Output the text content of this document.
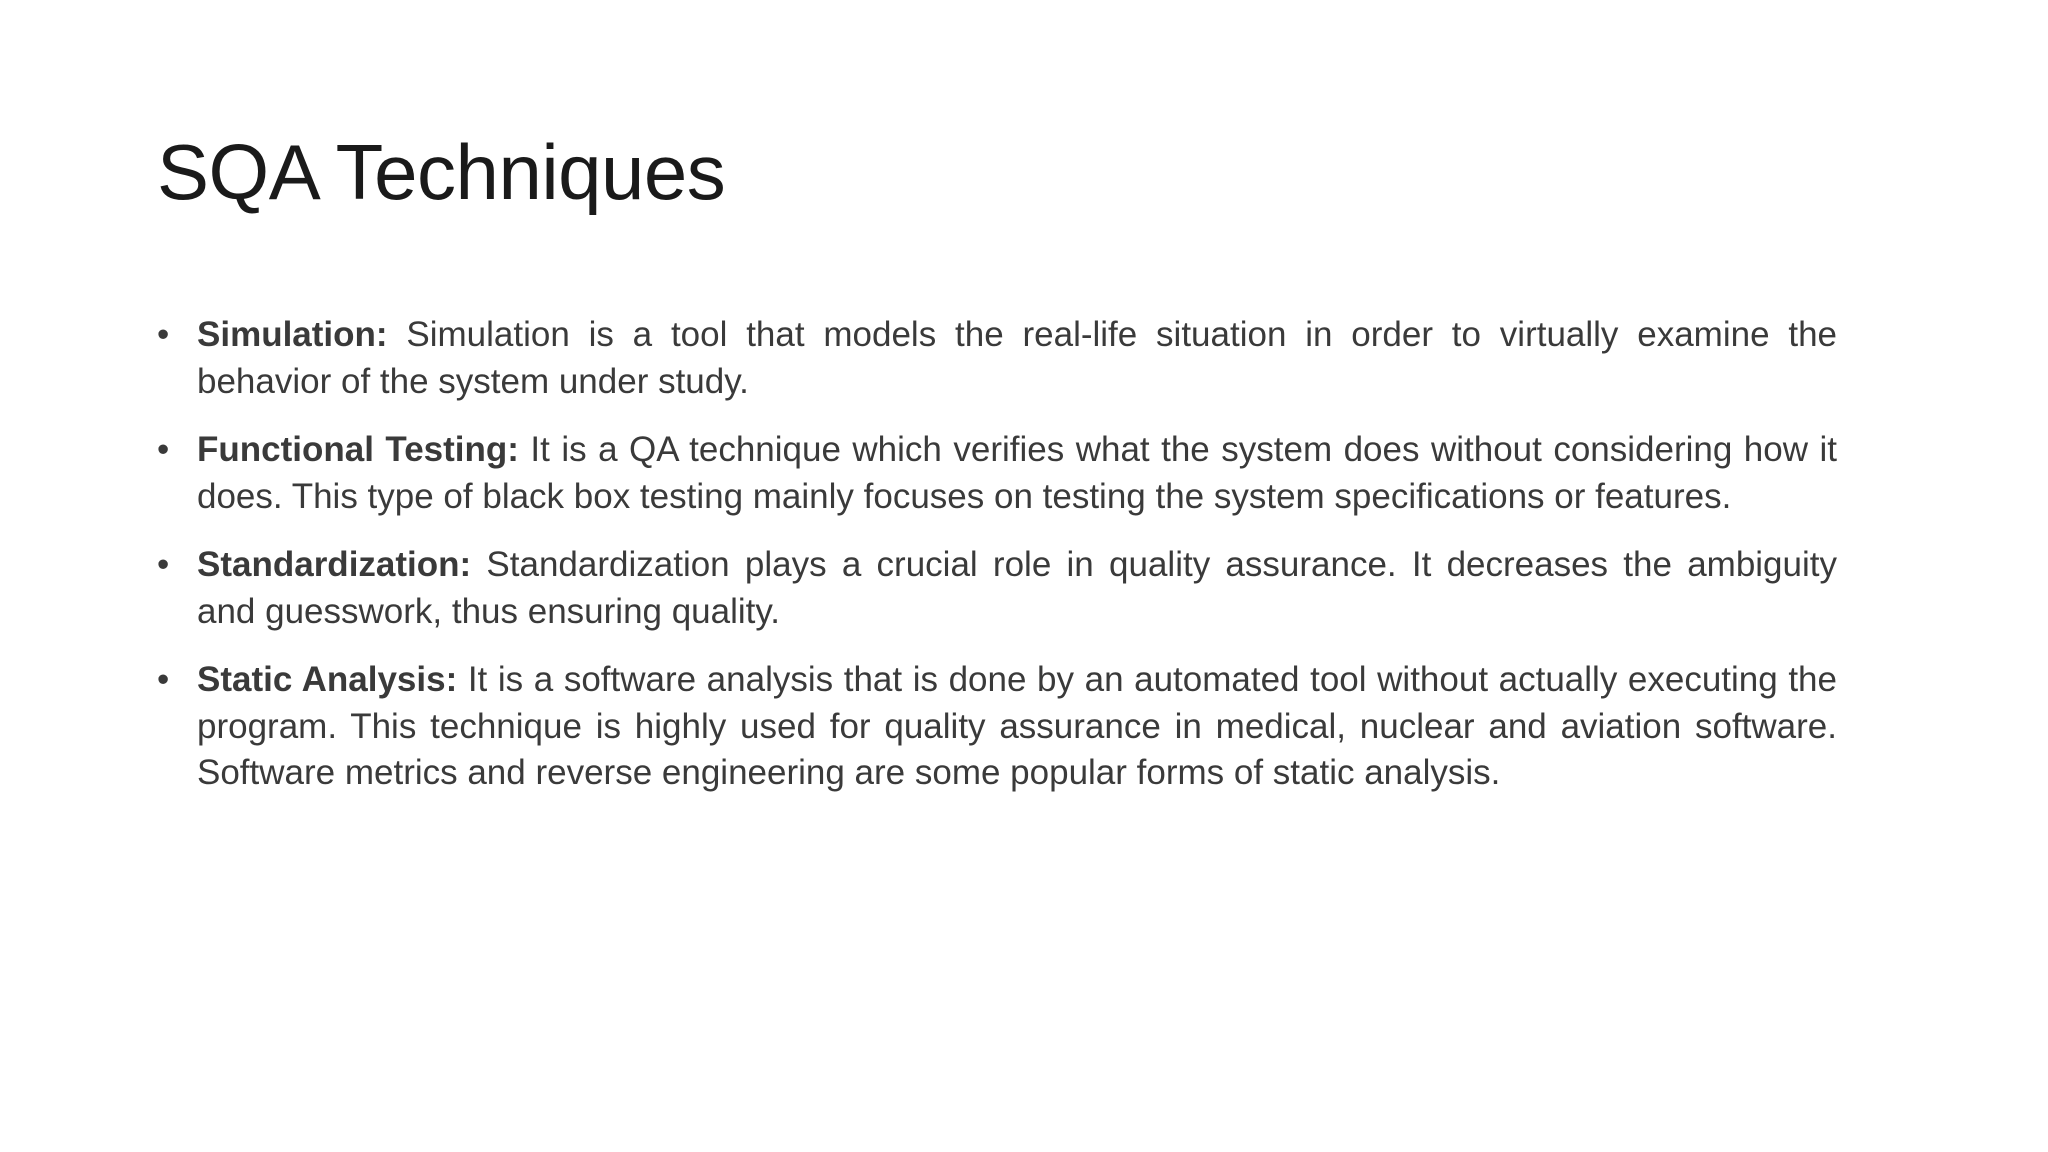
SQA Techniques
• Simulation: Simulation is a tool that models the real-life situation in order to virtually examine the behavior of the system under study.
• Functional Testing: It is a QA technique which verifies what the system does without considering how it does. This type of black box testing mainly focuses on testing the system specifications or features.
• Standardization: Standardization plays a crucial role in quality assurance. It decreases the ambiguity and guesswork, thus ensuring quality.
• Static Analysis: It is a software analysis that is done by an automated tool without actually executing the program. This technique is highly used for quality assurance in medical, nuclear and aviation software. Software metrics and reverse engineering are some popular forms of static analysis.
